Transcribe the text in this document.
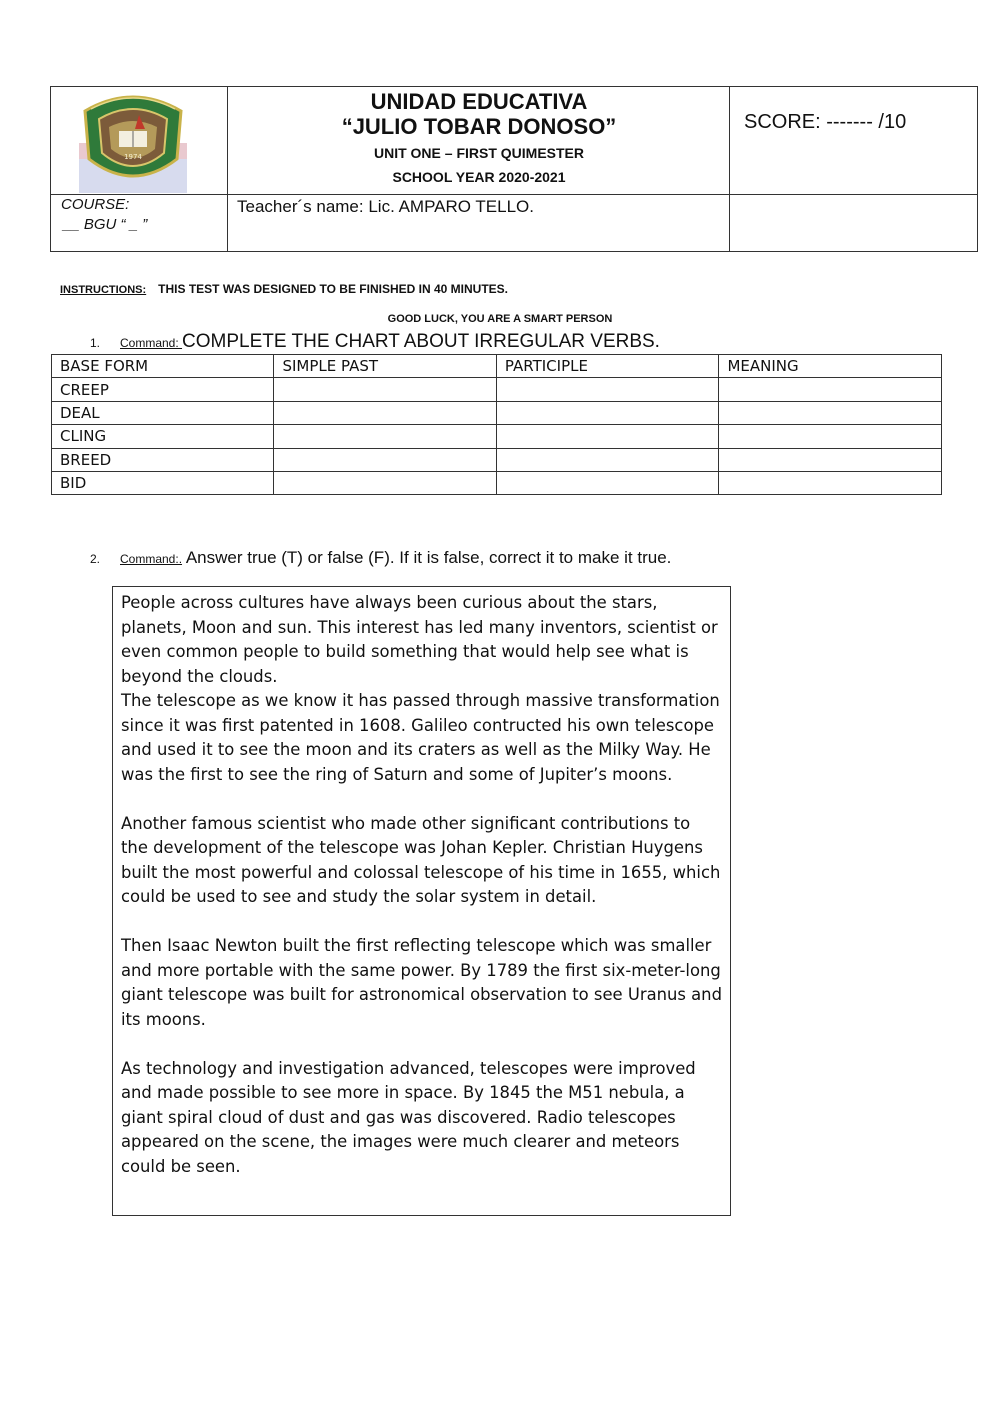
1974
UNIDAD EDUCATIVA
“JULIO TOBAR DONOSO”
UNIT ONE – FIRST QUIMESTER
SCHOOL YEAR 2020-2021
SCORE: ------- /10
COURSE:
__ BGU “ _ ”
Teacher´s name: Lic. AMPARO TELLO.
INSTRUCTIONS: THIS TEST WAS DESIGNED TO BE FINISHED IN 40 MINUTES.
GOOD LUCK, YOU ARE A SMART PERSON
1. Command: COMPLETE THE CHART ABOUT IRREGULAR VERBS.
BASE FORM	SIMPLE PAST	PARTICIPLE	MEANING
CREEP			
DEAL			
CLING			
BREED			
BID			
2. Command:. Answer true (T) or false (F). If it is false, correct it to make it true.

People across cultures have always been curious about the stars, planets, Moon and sun. This interest has led many inventors, scientist or even common people to build something that would help see what is beyond the clouds.

The telescope as we know it has passed through massive transformation since it was first patented in 1608. Galileo contructed his own telescope and used it to see the moon and its craters as well as the Milky Way. He was the first to see the ring of Saturn and some of Jupiter’s moons.

Another famous scientist who made other significant contributions to the development of the telescope was Johan Kepler. Christian Huygens built the most powerful and colossal telescope of his time in 1655, which could be used to see and study the solar system in detail.

Then Isaac Newton built the first reflecting telescope which was smaller and more portable with the same power. By 1789 the first six-meter-long giant telescope was built for astronomical observation to see Uranus and its moons.

As technology and investigation advanced, telescopes were improved and made possible to see more in space. By 1845 the M51 nebula, a giant spiral cloud of dust and gas was discovered. Radio telescopes appeared on the scene, the images were much clearer and meteors could be seen.
